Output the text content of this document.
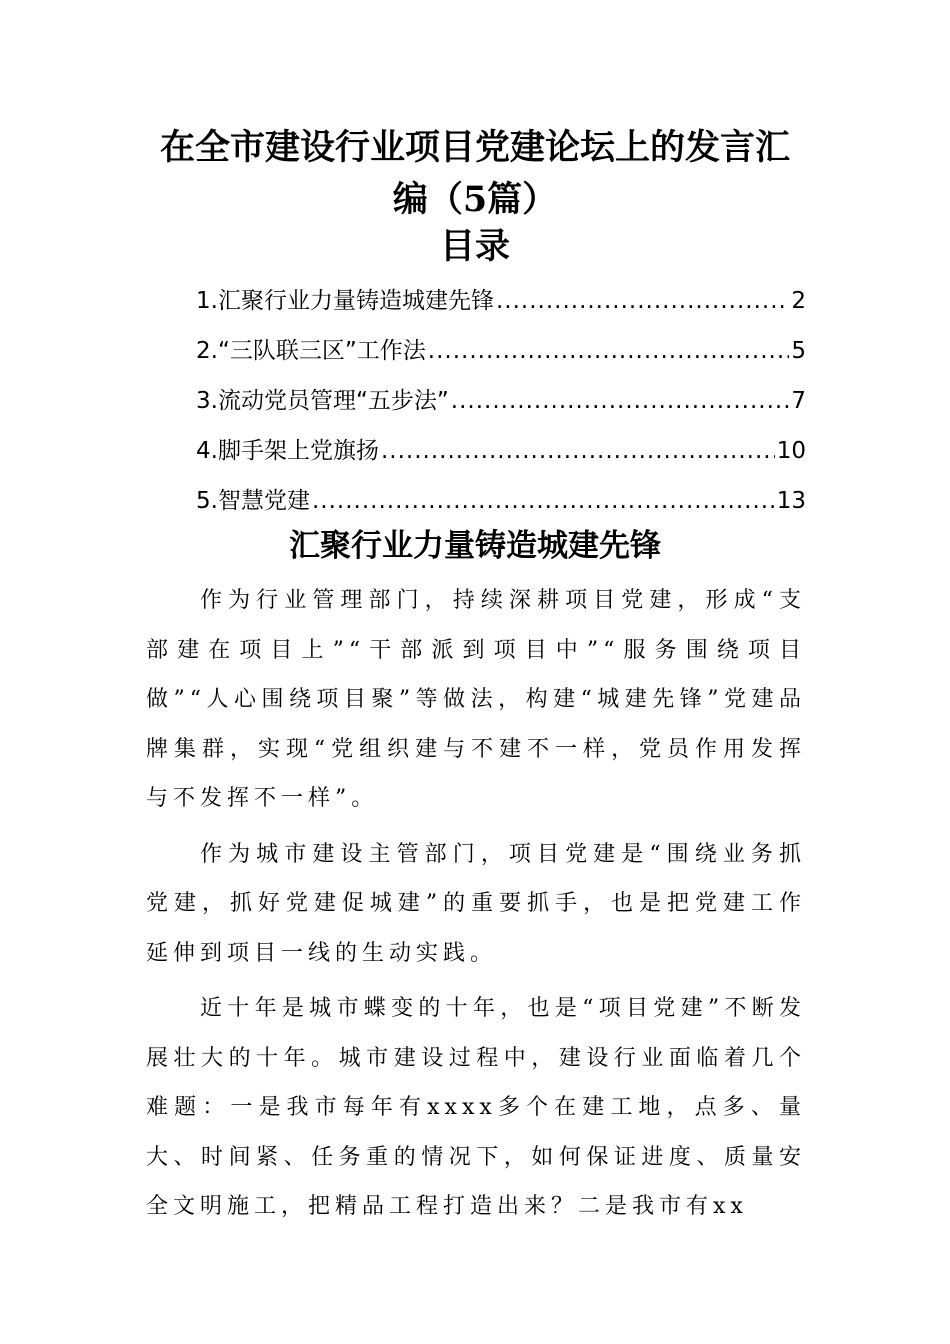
在全市建设行业项目党建论坛上的发言汇编（5篇）
目录
1.汇聚行业力量铸造城建先锋 .....	2
2.“三队联三区”工作法 .....	5
3.流动党员管理“五步法” .....	7
4.脚手架上党旗扬 .....	10
5.智慧党建 .....	13
汇聚行业力量铸造城建先锋

作为行业管理部门，持续深耕项目党建，形成“支部建在项目上”“干部派到项目中”“服务围绕项目做”“人心围绕项目聚”等做法，构建“城建先锋”党建品牌集群，实现“党组织建与不建不一样，党员作用发挥与不发挥不一样”。

作为城市建设主管部门，项目党建是“围绕业务抓党建，抓好党建促城建”的重要抓手，也是把党建工作延伸到项目一线的生动实践。

近十年是城市蝶变的十年，也是“项目党建”不断发展壮大的十年。城市建设过程中，建设行业面临着几个难题：一是我市每年有xxxx多个在建工地，点多、量大、时间紧、任务重的情况下，如何保证进度、质量安全文明施工，把精品工程打造出来？二是我市有xx
